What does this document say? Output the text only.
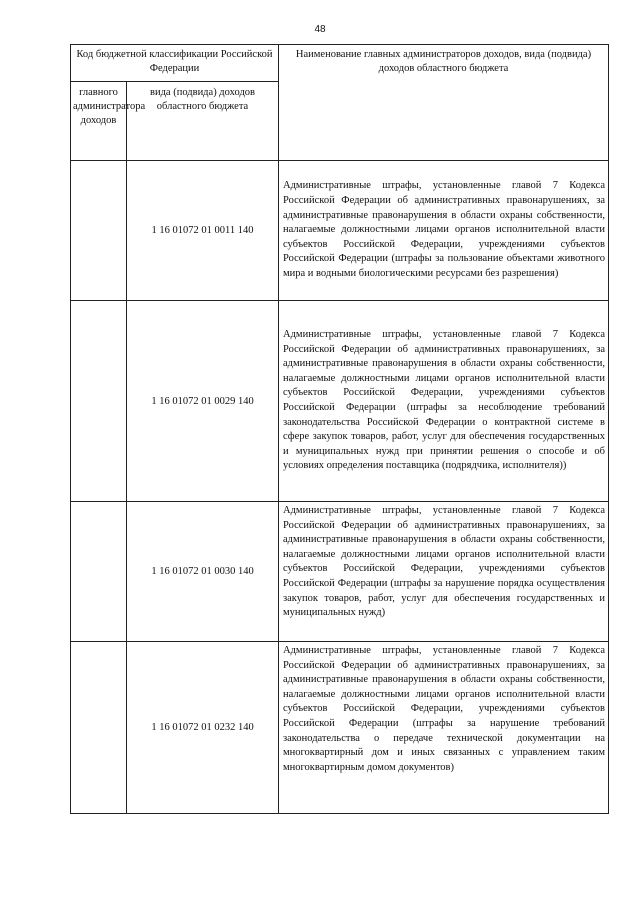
48
Код бюджетной классификации Российской Федерации		Наименование главных администраторов доходов, вида (подвида) доходов областного бюджета
главного администратора доходов	вида (подвида) доходов областного бюджета	
	1 16 01072 01 0011 140	Административные штрафы, установленные главой 7 Кодекса Российской Федерации об административных правонарушениях, за административные правонарушения в области охраны собственности, налагаемые должностными лицами органов исполнительной власти субъектов Российской Федерации, учреждениями субъектов Российской Федерации (штрафы за пользование объектами животного мира и водными биологическими ресурсами без разрешения)
	1 16 01072 01 0029 140	Административные штрафы, установленные главой 7 Кодекса Российской Федерации об административных правонарушениях, за административные правонарушения в области охраны собственности, налагаемые должностными лицами органов исполнительной власти субъектов Российской Федерации, учреждениями субъектов Российской Федерации (штрафы за несоблюдение требований законодательства Российской Федерации о контрактной системе в сфере закупок товаров, работ, услуг для обеспечения государственных и муниципальных нужд при принятии решения о способе и об условиях определения поставщика (подрядчика, исполнителя))
	1 16 01072 01 0030 140	Административные штрафы, установленные главой 7 Кодекса Российской Федерации об административных правонарушениях, за административные правонарушения в области охраны собственности, налагаемые должностными лицами органов исполнительной власти субъектов Российской Федерации, учреждениями субъектов Российской Федерации (штрафы за нарушение порядка осуществления закупок товаров, работ, услуг для обеспечения государственных и муниципальных нужд)
	1 16 01072 01 0232 140	Административные штрафы, установленные главой 7 Кодекса Российской Федерации об административных правонарушениях, за административные правонарушения в области охраны собственности, налагаемые должностными лицами органов исполнительной власти субъектов Российской Федерации, учреждениями субъектов Российской Федерации (штрафы за нарушение требований законодательства о передаче технической документации на многоквартирный дом и иных связанных с управлением таким многоквартирным домом документов)
